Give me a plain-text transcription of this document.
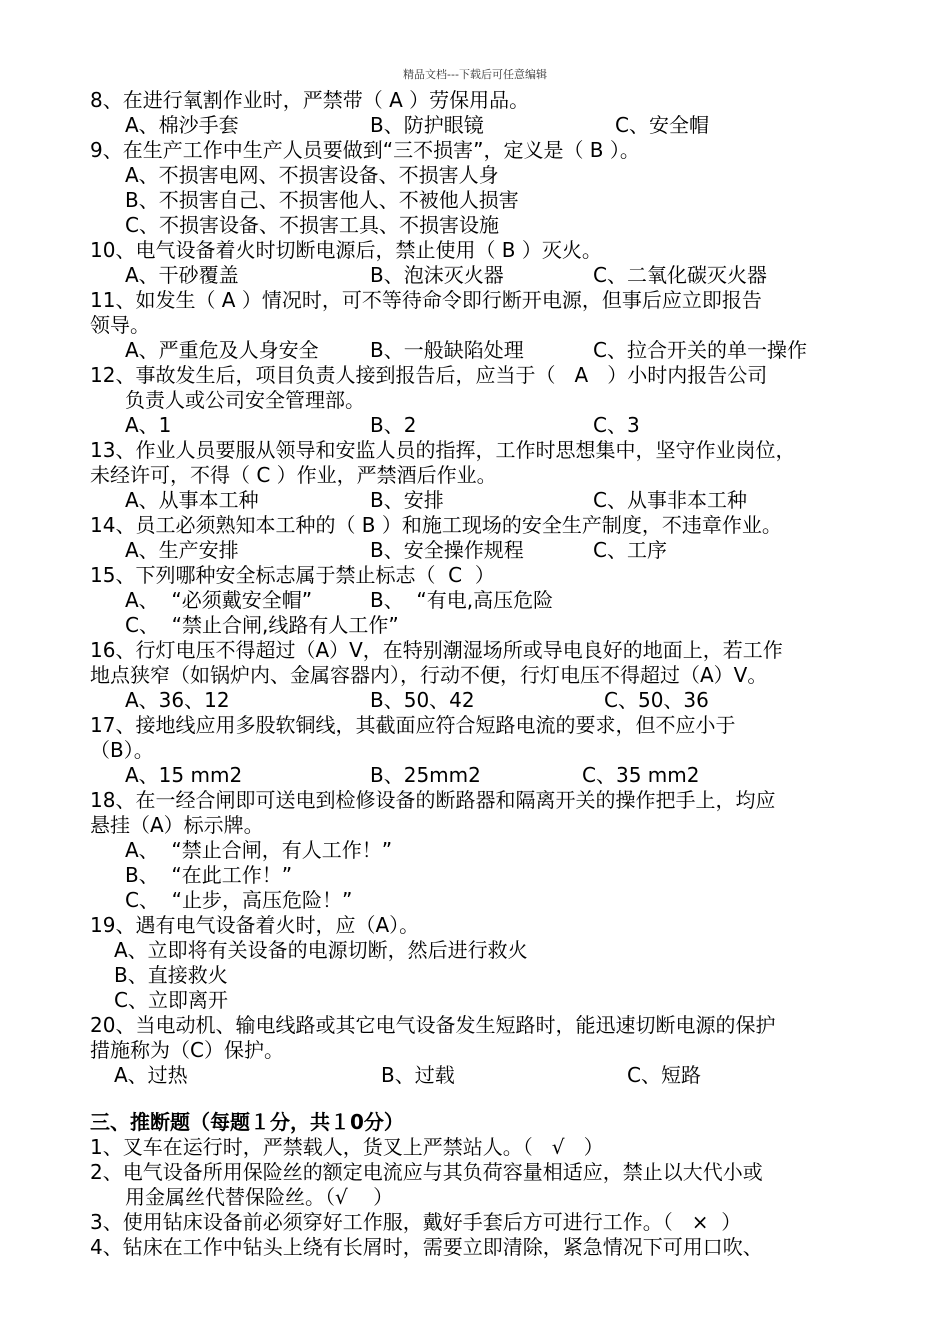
精品文档---下载后可任意编辑
8、在进行氧割作业时，严禁带（ A ）劳保用品。
A、棉沙手套	B、防护眼镜	C、安全帽
9、在生产工作中生产人员要做到“三不损害”，定义是（ B ）。
A、不损害电网、不损害设备、不损害人身
B、不损害自己、不损害他人、不被他人损害
C、不损害设备、不损害工具、不损害设施
10、电气设备着火时切断电源后，禁止使用（ B ）灭火。
A、干砂覆盖	B、泡沫灭火器	C、二氧化碳灭火器
11、如发生（ A ）情况时，可不等待命令即行断开电源，但事后应立即报告
领导。
A、严重危及人身安全	B、一般缺陷处理	C、拉合开关的单一操作
12、事故发生后，项目负责人接到报告后，应当于（   A   ）小时内报告公司
负责人或公司安全管理部。
A、1	B、2	C、3
13、作业人员要服从领导和安监人员的指挥，工作时思想集中，坚守作业岗位，
未经许可，不得（ C ）作业，严禁酒后作业。
A、从事本工种	B、安排	C、从事非本工种
14、员工必须熟知本工种的（ B ）和施工现场的安全生产制度，不违章作业。
A、生产安排	B、安全操作规程	C、工序
15、下列哪种安全标志属于禁止标志（  C  ）
A、  “必须戴安全帽”	B、  “有电,高压危险
C、  “禁止合闸,线路有人工作”
16、行灯电压不得超过（A）V，在特别潮湿场所或导电良好的地面上，若工作
地点狭窄（如锅炉内、金属容器内），行动不便，行灯电压不得超过（A）V。
A、36、12	B、50、42	C、50、36
17、接地线应用多股软铜线，其截面应符合短路电流的要求，但不应小于
（B）。
A、15 mm2	B、25mm2	C、35 mm2
18、在一经合闸即可送电到检修设备的断路器和隔离开关的操作把手上，均应
悬挂（A）标示牌。
A、  “禁止合闸，有人工作！”
B、  “在此工作！”
C、  “止步，高压危险！”
19、遇有电气设备着火时，应（A）。
A、立即将有关设备的电源切断，然后进行救火
B、直接救火
C、立即离开
20、当电动机、输电线路或其它电气设备发生短路时，能迅速切断电源的保护
措施称为（C）保护。
A、过热	B、过载	C、短路
三、推断题（每题１分，共１0分）
1、叉车在运行时，严禁载人，货叉上严禁站人。（   √   ）
2、电气设备所用保险丝的额定电流应与其负荷容量相适应，禁止以大代小或
用金属丝代替保险丝。（√    ）
3、使用钻床设备前必须穿好工作服，戴好手套后方可进行工作。（   ×  ）
4、钻床在工作中钻头上绕有长屑时，需要立即清除，紧急情况下可用口吹、
